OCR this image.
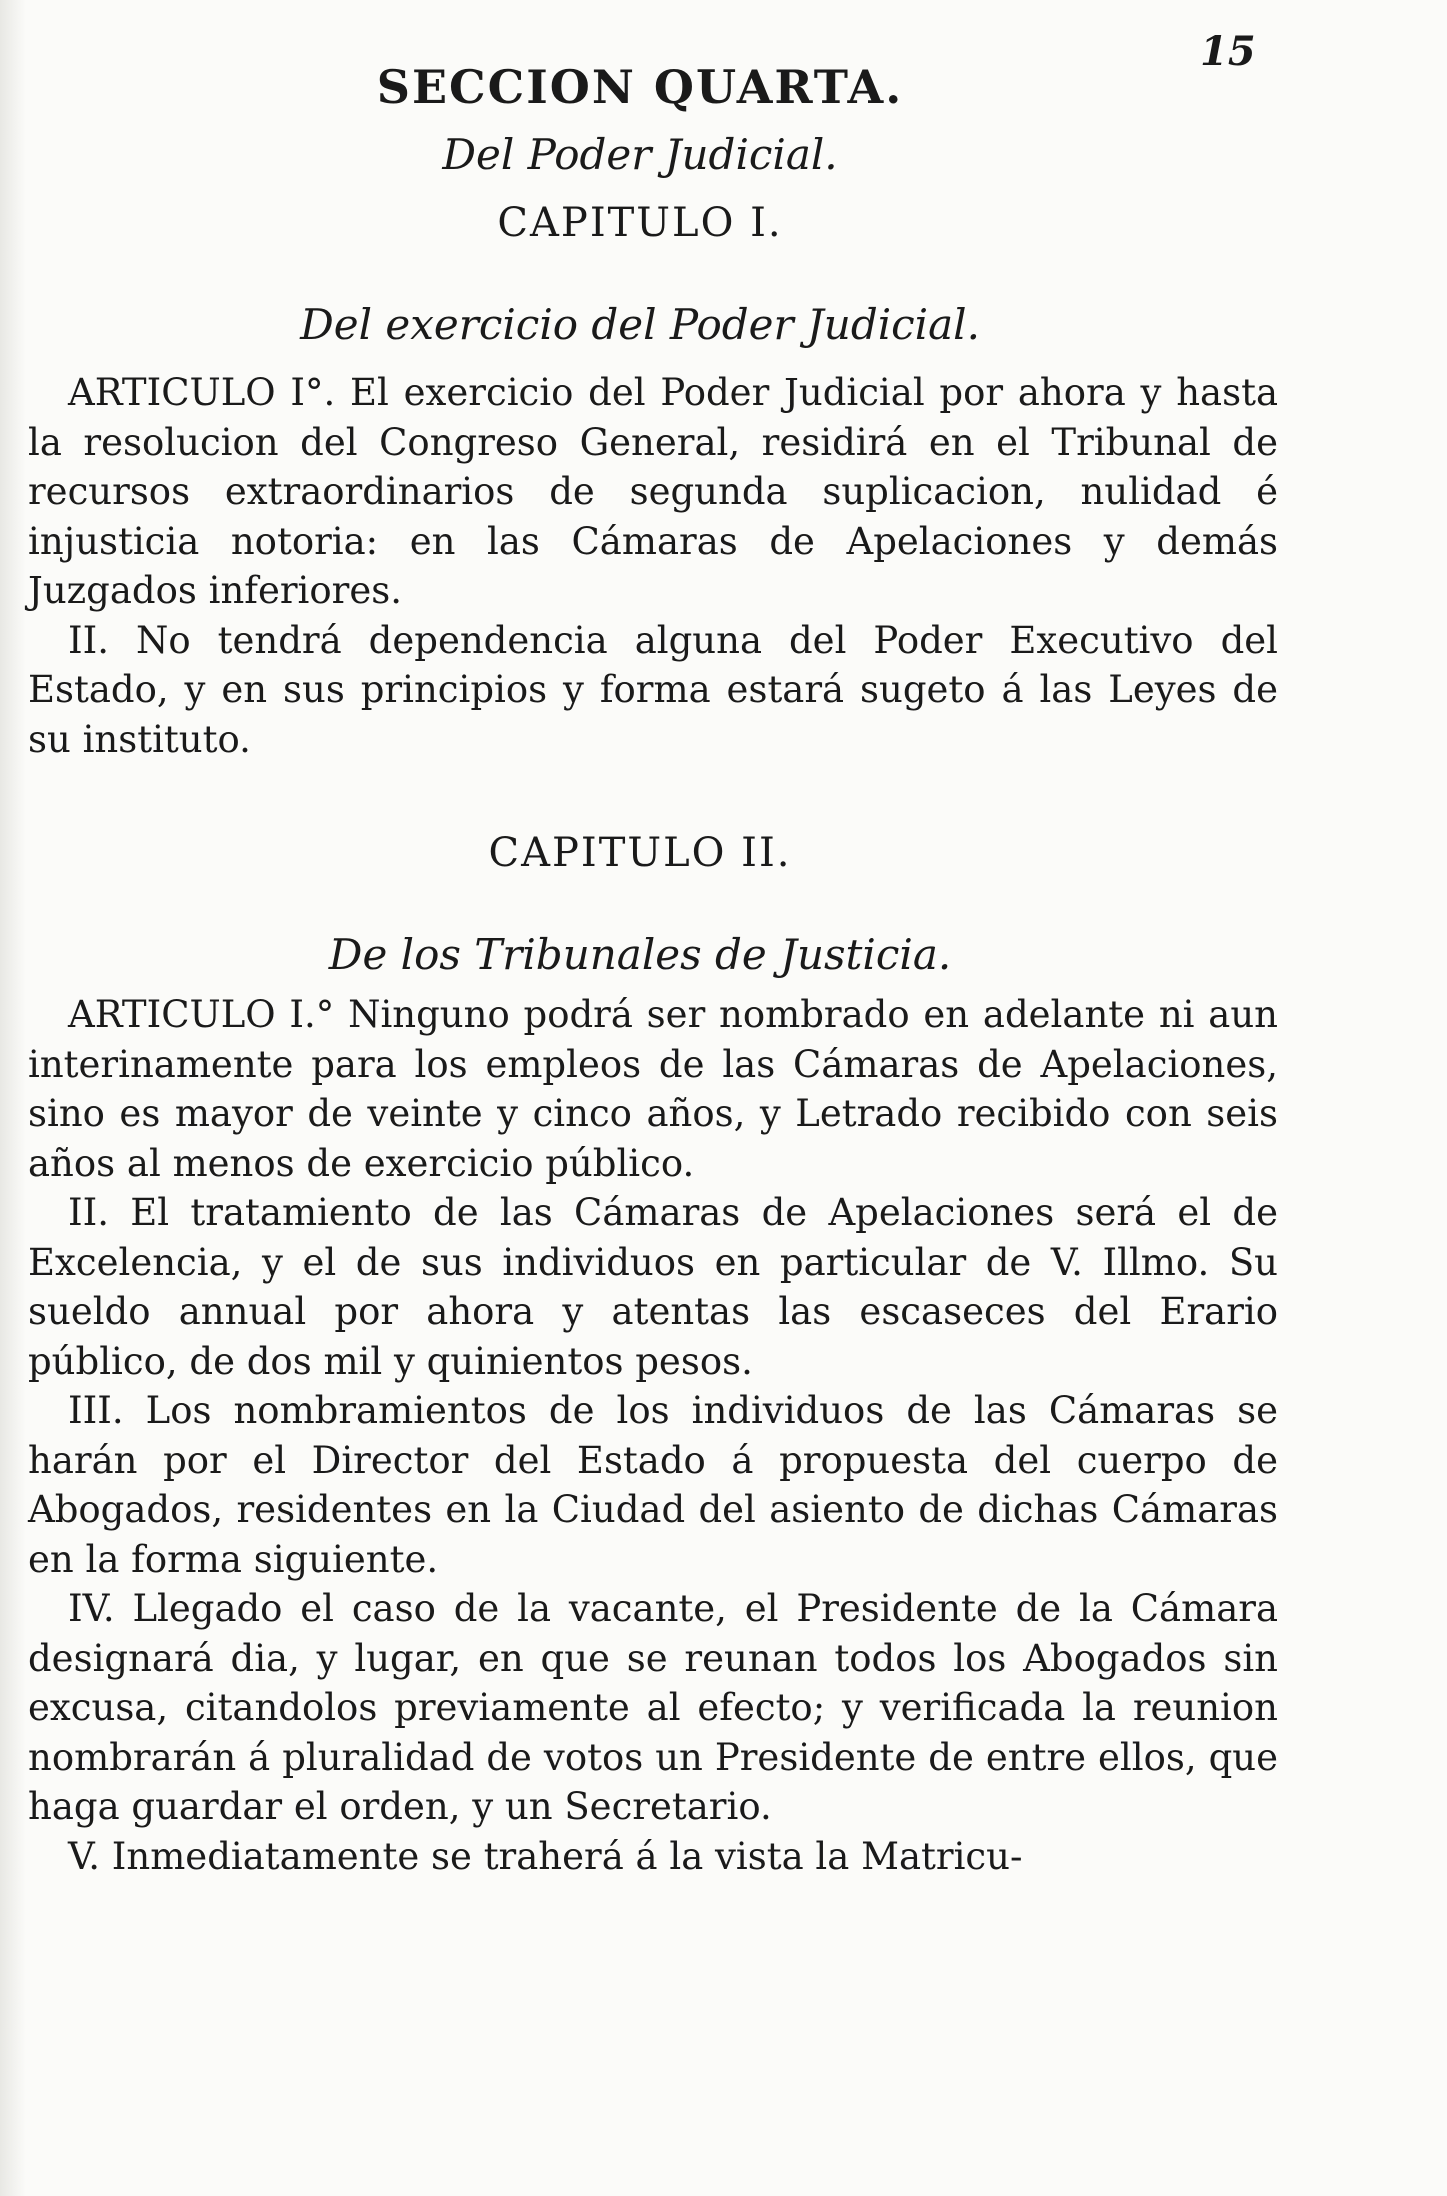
15
SECCION QUARTA.
Del Poder Judicial.
CAPITULO I.
Del exercicio del Poder Judicial.

ARTICULO I°. El exercicio del Poder Judicial por ahora y hasta la resolucion del Congreso General, residirá en el Tribunal de recursos extraordinarios de segunda suplicacion, nulidad é injusticia notoria: en las Cámaras de Apelaciones y demás Juzgados inferiores.

II. No tendrá dependencia alguna del Poder Executivo del Estado, y en sus principios y forma estará sugeto á las Leyes de su instituto.

CAPITULO II.
De los Tribunales de Justicia.

ARTICULO I.° Ninguno podrá ser nombrado en adelante ni aun interinamente para los empleos de las Cámaras de Apelaciones, sino es mayor de veinte y cinco años, y Letrado recibido con seis años al menos de exercicio público.

II. El tratamiento de las Cámaras de Apelaciones será el de Excelencia, y el de sus individuos en particular de V. Illmo. Su sueldo annual por ahora y atentas las escaseces del Erario público, de dos mil y quinientos pesos.

III. Los nombramientos de los individuos de las Cámaras se harán por el Director del Estado á propuesta del cuerpo de Abogados, residentes en la Ciudad del asiento de dichas Cámaras en la forma siguiente.

IV. Llegado el caso de la vacante, el Presidente de la Cámara designará dia, y lugar, en que se reunan todos los Abogados sin excusa, citandolos previamente al efecto; y verificada la reunion nombrarán á pluralidad de votos un Presidente de entre ellos, que haga guardar el orden, y un Secretario.

V. Inmediatamente se traherá á la vista la Matricu-
